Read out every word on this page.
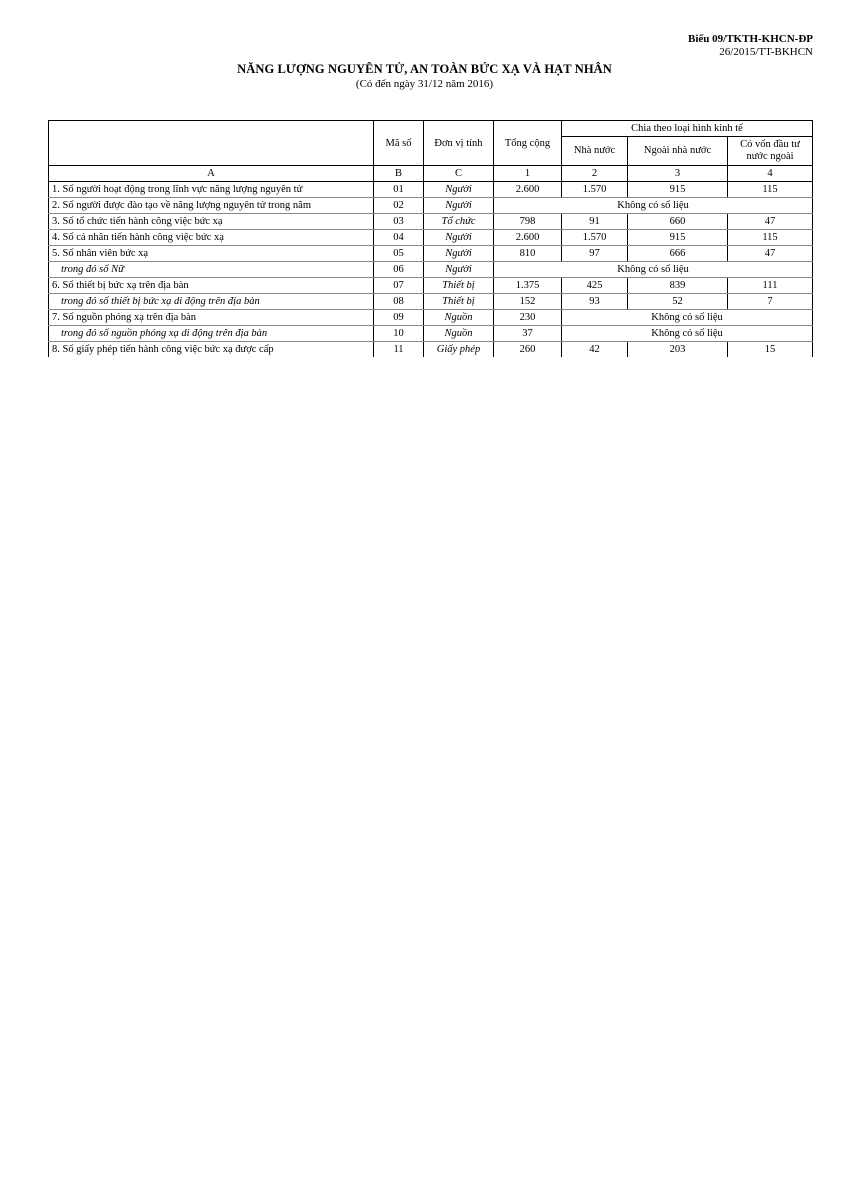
Biểu 09/TKTH-KHCN-ĐP
26/2015/TT-BKHCN
NĂNG LƯỢNG NGUYÊN TỬ, AN TOÀN BỨC XẠ VÀ HẠT NHÂN
(Có đến ngày 31/12 năm 2016)
	Mã số	Đơn vị tính	Tổng cộng	Chia theo loại hình kinh tế		
				Nhà nước	Ngoài nhà nước	Có vốn đầu tư nước ngoài
A	B	C	1	2	3	4
1. Số người hoạt động trong lĩnh vực năng lượng nguyên tử	01	Người	2.600	1.570	915	115
2. Số người được đào tạo về năng lượng nguyên tử trong năm	02	Người	Không có số liệu			
3. Số tổ chức tiến hành công việc bức xạ	03	Tổ chức	798	91	660	47
4. Số cá nhân tiến hành công việc bức xạ	04	Người	2.600	1.570	915	115
5. Số nhân viên bức xạ	05	Người	810	97	666	47
trong đó số Nữ	06	Người	Không có số liệu			
6. Số thiết bị bức xạ trên địa bàn	07	Thiết bị	1.375	425	839	111
trong đó số thiết bị bức xạ di động trên địa bàn	08	Thiết bị	152	93	52	7
7. Số nguồn phóng xạ trên địa bàn	09	Nguồn	230	Không có số liệu		
trong đó số nguồn phóng xạ di động trên địa bàn	10	Nguồn	37	Không có số liệu		
8. Số giấy phép tiến hành công việc bức xạ được cấp	11	Giấy phép	260	42	203	15
